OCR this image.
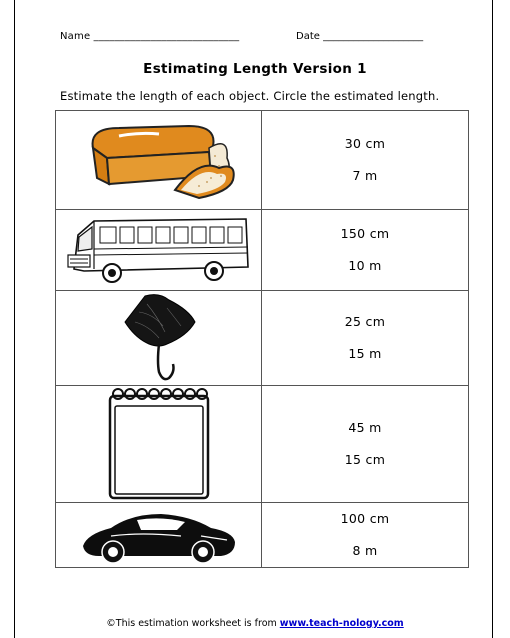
Name ____________________________	Date ____________________
Estimating Length Version 1
Estimate the length of each object. Circle the estimated length.

30 cm
7 m

150 cm
10 m

25 cm
15 m

45 m
15 cm

100 cm
8 m
©This estimation worksheet is from www.teach-nology.com
